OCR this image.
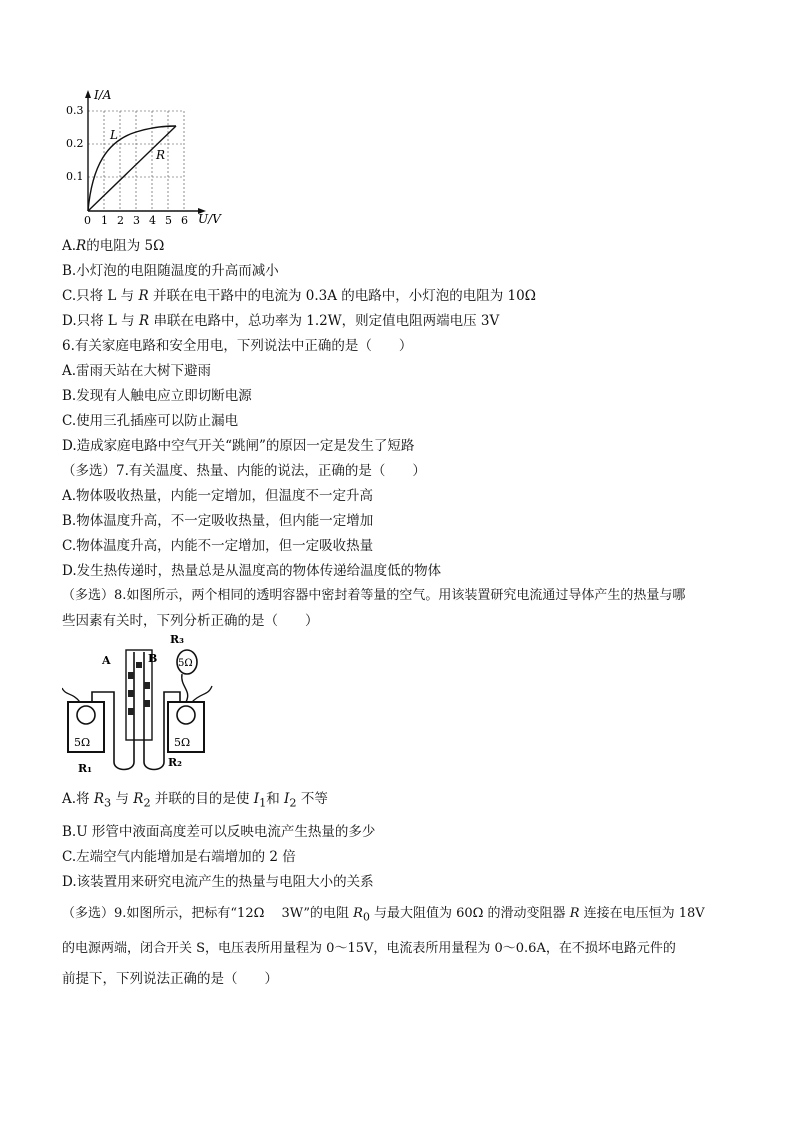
I/A
U/V
0.3
0.2
0.1
0 1 2 3 4 5 6
L
R
A.R的电阻为 5Ω
B.小灯泡的电阻随温度的升高而减小
C.只将 L 与 R 并联在电干路中的电流为 0.3A 的电路中，小灯泡的电阻为 10Ω
D.只将 L 与 R 串联在电路中，总功率为 1.2W，则定值电阻两端电压 3V
6.有关家庭电路和安全用电，下列说法中正确的是（　　）
A.雷雨天站在大树下避雨
B.发现有人触电应立即切断电源
C.使用三孔插座可以防止漏电
D.造成家庭电路中空气开关“跳闸”的原因一定是发生了短路
（多选）7.有关温度、热量、内能的说法，正确的是（　　）
A.物体吸收热量，内能一定增加，但温度不一定升高
B.物体温度升高，不一定吸收热量，但内能一定增加
C.物体温度升高，内能不一定增加，但一定吸收热量
D.发生热传递时，热量总是从温度高的物体传递给温度低的物体
（多选）8.如图所示，两个相同的透明容器中密封着等量的空气。用该装置研究电流通过导体产生的热量与哪
些因素有关时，下列分析正确的是（　　）
5Ω	5Ω
5Ω
A	B
R₃
R₁	R₂
A.将 $R_3$ 与 $R_2$ 并联的目的是使 $I_1$和 $I_2$ 不等
B.U 形管中液面高度差可以反映电流产生热量的多少
C.左端空气内能增加是右端增加的 2 倍
D.该装置用来研究电流产生的热量与电阻大小的关系
（多选）9.如图所示，把标有“12Ω　 3W”的电阻 $R_0$ 与最大阻值为 60Ω 的滑动变阻器 R 连接在电压恒为 18V
的电源两端，闭合开关 S，电压表所用量程为 0～15V，电流表所用量程为 0～0.6A，在不损坏电路元件的
前提下，下列说法正确的是（　　）
